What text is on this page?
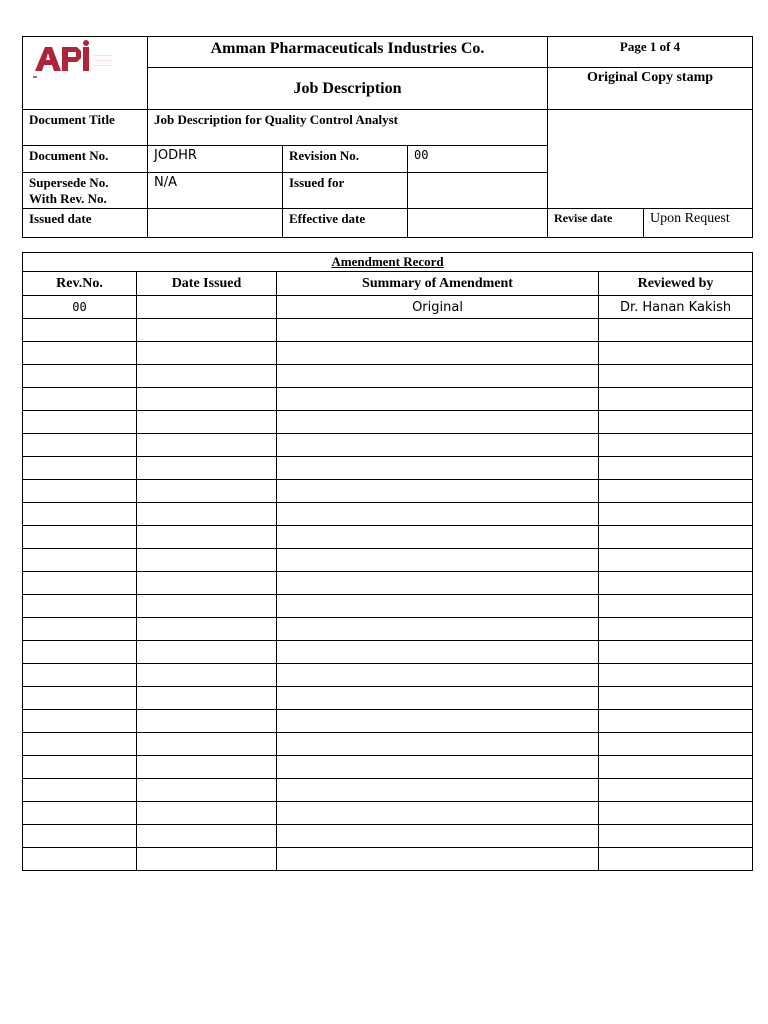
.....................
.....................
.....................	Amman Pharmaceuticals Industries Co.			Page 1 of 4	
	Job Description			Original Copy stamp	
Document Title	Job Description for Quality Control Analyst				
Document No.	JODHR	Revision No.	00		

Supersede No.
With Rev. No.	N/A	Issued for			
Issued date		Effective date		Revise date	Upon Request
Amendment Record			
Rev.No.	Date Issued	Summary of Amendment	Reviewed by
00		Original	Dr. Hanan Kakish
